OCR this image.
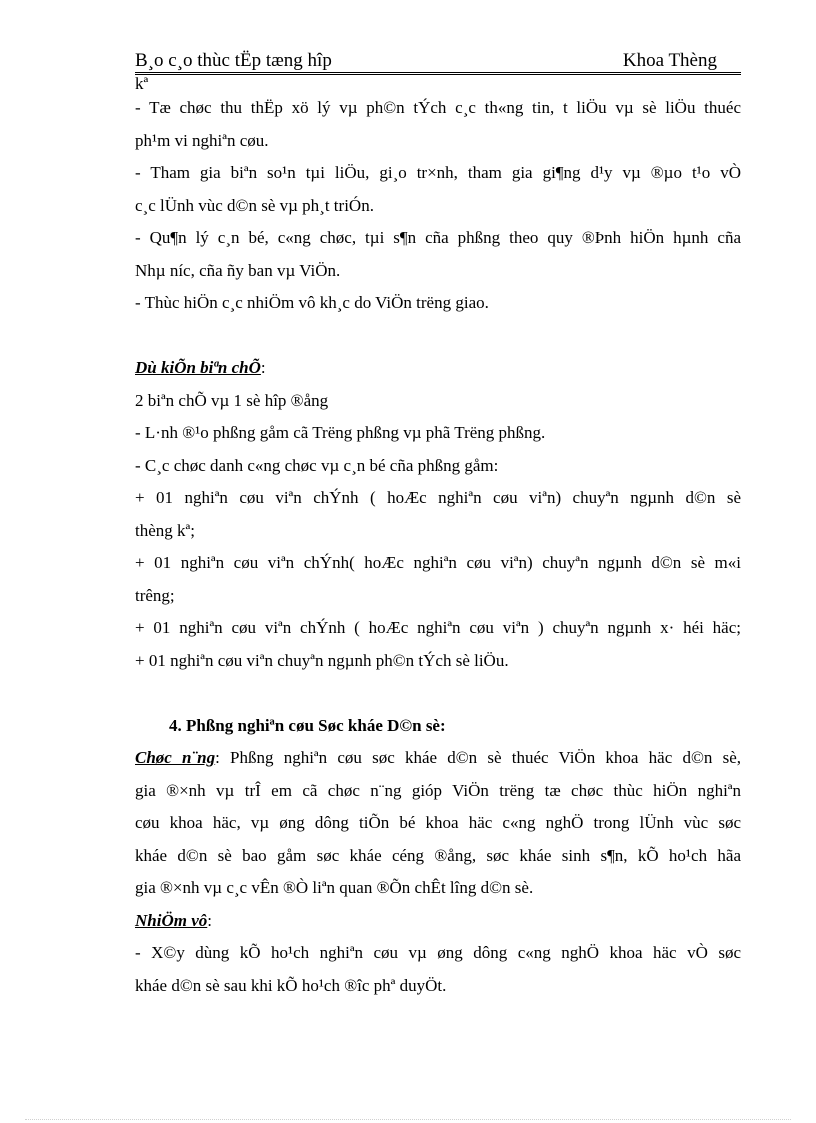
B¸o c¸o thùc tËp tæng hîp	Khoa Thèng
kª
- Tæ chøc thu thËp xö lý vµ ph©n tÝch c¸c th«ng tin, t liÖu vµ sè liÖu thuéc
ph¹m vi nghiªn cøu.
- Tham gia biªn so¹n tµi liÖu, gi¸o tr×nh, tham gia gi¶ng d¹y vµ ®µo t¹o vÒ
c¸c lÜnh vùc d©n sè vµ ph¸t triÓn.
- Qu¶n lý c¸n bé, c«ng chøc, tµi s¶n cña phßng theo quy ®Þnh hiÖn hµnh cña
Nhµ níc, cña ñy ban vµ ViÖn.
- Thùc hiÖn c¸c nhiÖm vô kh¸c do ViÖn trëng giao.
Dù kiÕn biªn chÕ:
2 biªn chÕ vµ 1 sè hîp ®ång
- L·nh ®¹o phßng gåm cã Trëng phßng vµ phã Trëng phßng.
- C¸c chøc danh c«ng chøc vµ c¸n bé cña phßng gåm:
+ 01 nghiªn cøu viªn chÝnh ( hoÆc nghiªn cøu viªn) chuyªn ngµnh d©n sè
thèng kª;
+ 01 nghiªn cøu viªn chÝnh( hoÆc nghiªn cøu viªn) chuyªn ngµnh d©n sè m«i
trêng;
+ 01 nghiªn cøu viªn chÝnh ( hoÆc nghiªn cøu viªn ) chuyªn ngµnh x· héi häc;
+ 01 nghiªn cøu viªn chuyªn ngµnh ph©n tÝch sè liÖu.
4. Phßng nghiªn cøu Søc kháe D©n sè:
Chøc n¨ng: Phßng nghiªn cøu søc kháe d©n sè thuéc ViÖn khoa häc d©n sè,
gia ®×nh vµ trÎ em cã chøc n¨ng gióp ViÖn trëng tæ chøc thùc hiÖn nghiªn
cøu khoa häc, vµ øng dông tiÕn bé khoa häc c«ng nghÖ trong lÜnh vùc søc
kháe d©n sè bao gåm søc kháe céng ®ång, søc kháe sinh s¶n, kÕ ho¹ch hãa
gia ®×nh vµ c¸c vÊn ®Ò liªn quan ®Õn chÊt lîng d©n sè.
NhiÖm vô:
- X©y dùng kÕ ho¹ch nghiªn cøu vµ øng dông c«ng nghÖ khoa häc vÒ søc
kháe d©n sè sau khi kÕ ho¹ch ®îc phª duyÖt.
